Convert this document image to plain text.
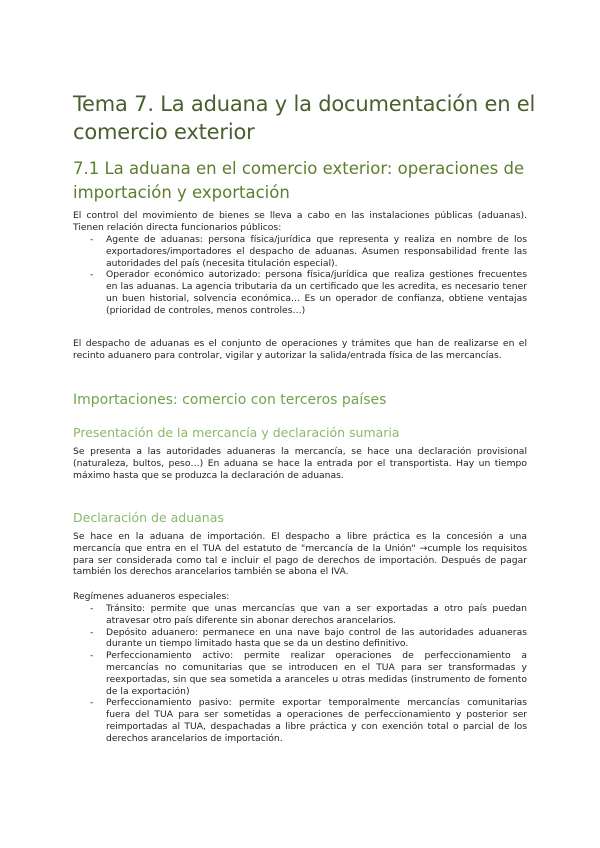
Tema 7. La aduana y la documentación en el comercio exterior
7.1 La aduana en el comercio exterior: operaciones de importación y exportación

El control del movimiento de bienes se lleva a cabo en las instalaciones públicas (aduanas). Tienen relación directa funcionarios públicos:

- Agente de aduanas: persona física/jurídica que representa y realiza en nombre de los exportadores/importadores el despacho de aduanas. Asumen responsabilidad frente las autoridades del país (necesita titulación especial).
- Operador económico autorizado: persona física/jurídica que realiza gestiones frecuentes en las aduanas. La agencia tributaria da un certificado que les acredita, es necesario tener un buen historial, solvencia económica… Es un operador de confianza, obtiene ventajas (prioridad de controles, menos controles…)

El despacho de aduanas es el conjunto de operaciones y trámites que han de realizarse en el recinto aduanero para controlar, vigilar y autorizar la salida/entrada física de las mercancías.

Importaciones: comercio con terceros países
Presentación de la mercancía y declaración sumaria

Se presenta a las autoridades aduaneras la mercancía, se hace una declaración provisional (naturaleza, bultos, peso…) En aduana se hace la entrada por el transportista. Hay un tiempo máximo hasta que se produzca la declaración de aduanas.

Declaración de aduanas

Se hace en la aduana de importación. El despacho a libre práctica es la concesión a una mercancía que entra en el TUA del estatuto de "mercancía de la Unión" →cumple los requisitos para ser considerada como tal e incluir el pago de derechos de importación. Después de pagar también los derechos arancelarios también se abona el IVA.

Regímenes aduaneros especiales:

- Tránsito: permite que unas mercancías que van a ser exportadas a otro país puedan atravesar otro país diferente sin abonar derechos arancelarios.
- Depósito aduanero: permanece en una nave bajo control de las autoridades aduaneras durante un tiempo limitado hasta que se da un destino definitivo.
- Perfeccionamiento activo: permite realizar operaciones de perfeccionamiento a mercancías no comunitarias que se introducen en el TUA para ser transformadas y reexportadas, sin que sea sometida a aranceles u otras medidas (instrumento de fomento de la exportación)
- Perfeccionamiento pasivo: permite exportar temporalmente mercancías comunitarias fuera del TUA para ser sometidas a operaciones de perfeccionamiento y posterior ser reimportadas al TUA, despachadas a libre práctica y con exención total o parcial de los derechos arancelarios de importación.
